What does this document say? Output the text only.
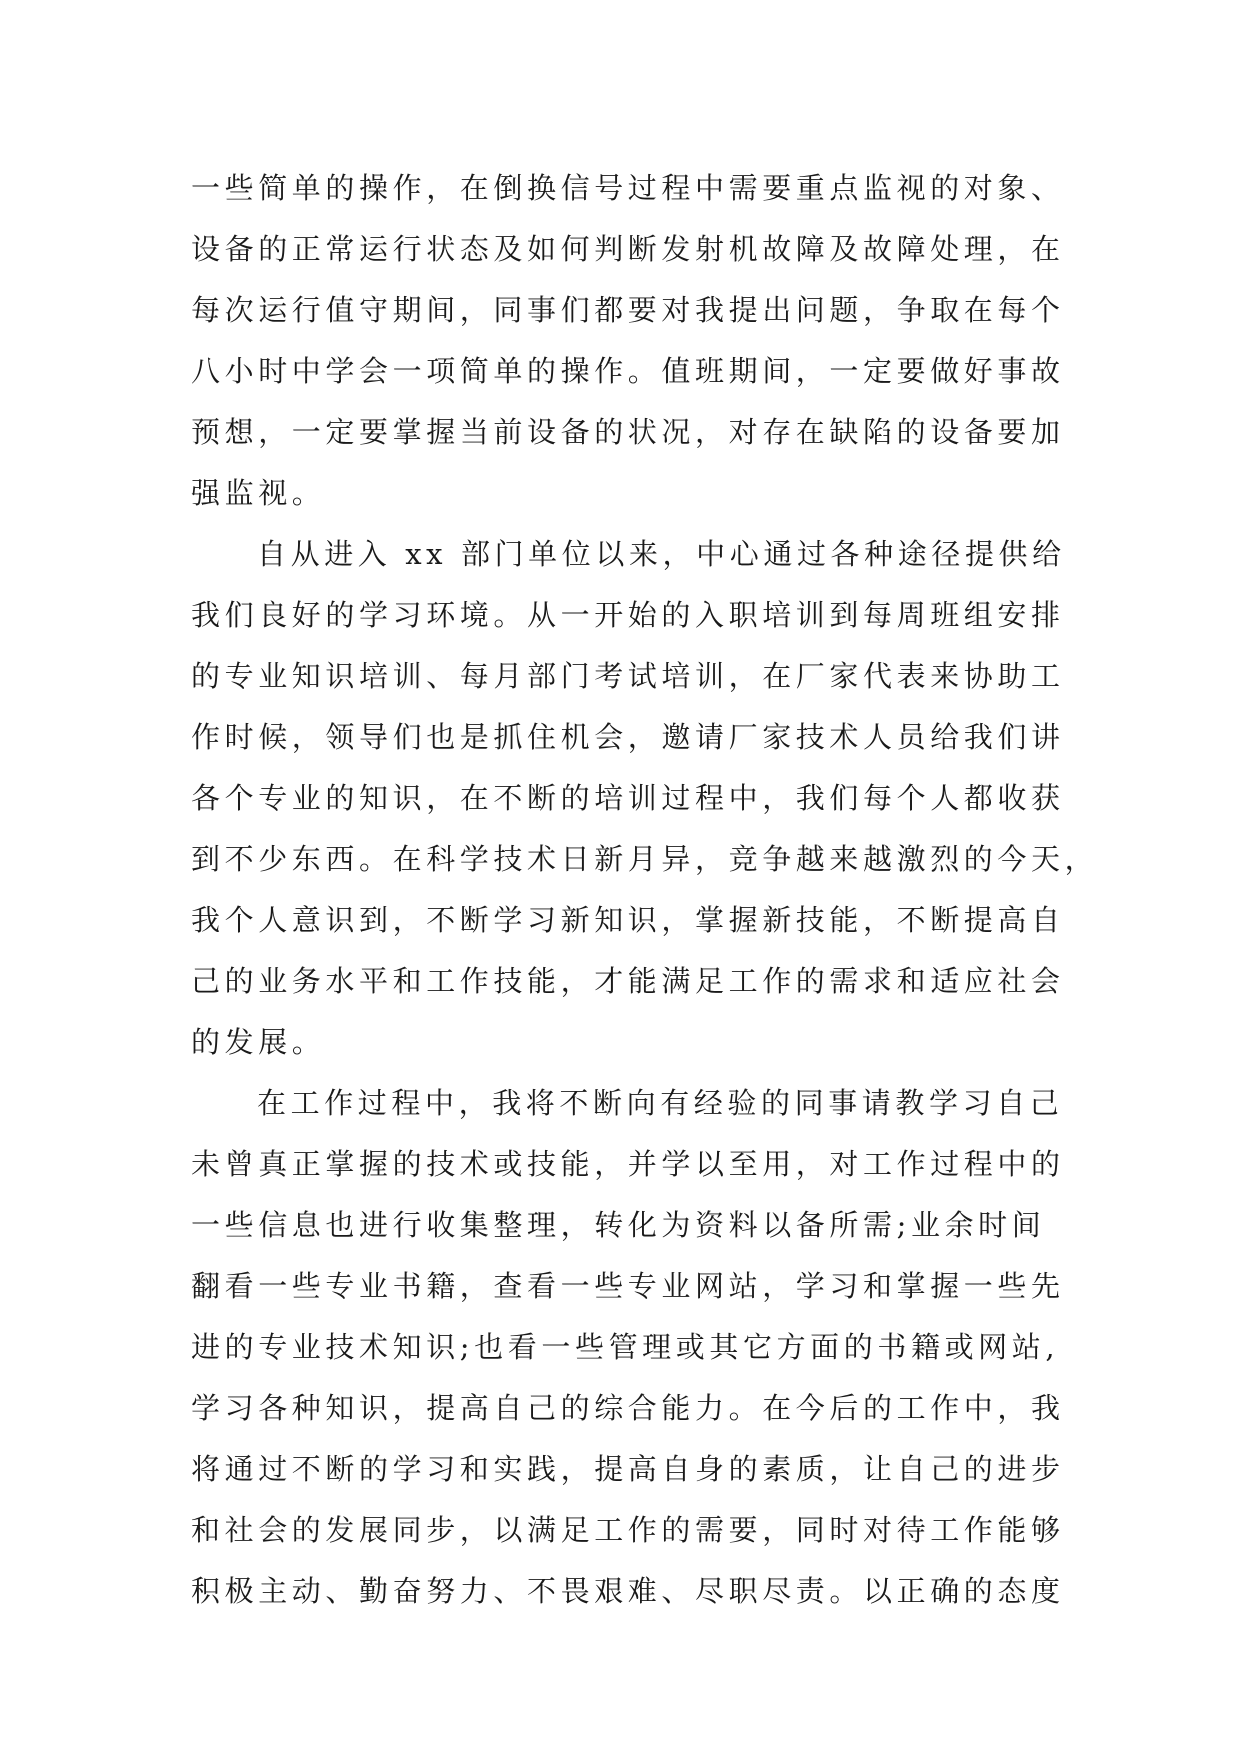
一些简单的操作，在倒换信号过程中需要重点监视的对象、
设备的正常运行状态及如何判断发射机故障及故障处理，在
每次运行值守期间，同事们都要对我提出问题，争取在每个
八小时中学会一项简单的操作。值班期间，一定要做好事故
预想，一定要掌握当前设备的状况，对存在缺陷的设备要加
强监视。
自从进入 xx 部门单位以来，中心通过各种途径提供给
我们良好的学习环境。从一开始的入职培训到每周班组安排
的专业知识培训、每月部门考试培训，在厂家代表来协助工
作时候，领导们也是抓住机会，邀请厂家技术人员给我们讲
各个专业的知识，在不断的培训过程中，我们每个人都收获
到不少东西。在科学技术日新月异，竞争越来越激烈的今天，
我个人意识到，不断学习新知识，掌握新技能，不断提高自
己的业务水平和工作技能，才能满足工作的需求和适应社会
的发展。
在工作过程中，我将不断向有经验的同事请教学习自己
未曾真正掌握的技术或技能，并学以至用，对工作过程中的
一些信息也进行收集整理，转化为资料以备所需;业余时间
翻看一些专业书籍，查看一些专业网站，学习和掌握一些先
进的专业技术知识;也看一些管理或其它方面的书籍或网站,
学习各种知识，提高自己的综合能力。在今后的工作中，我
将通过不断的学习和实践，提高自身的素质，让自己的进步
和社会的发展同步，以满足工作的需要，同时对待工作能够
积极主动、勤奋努力、不畏艰难、尽职尽责。以正确的态度
